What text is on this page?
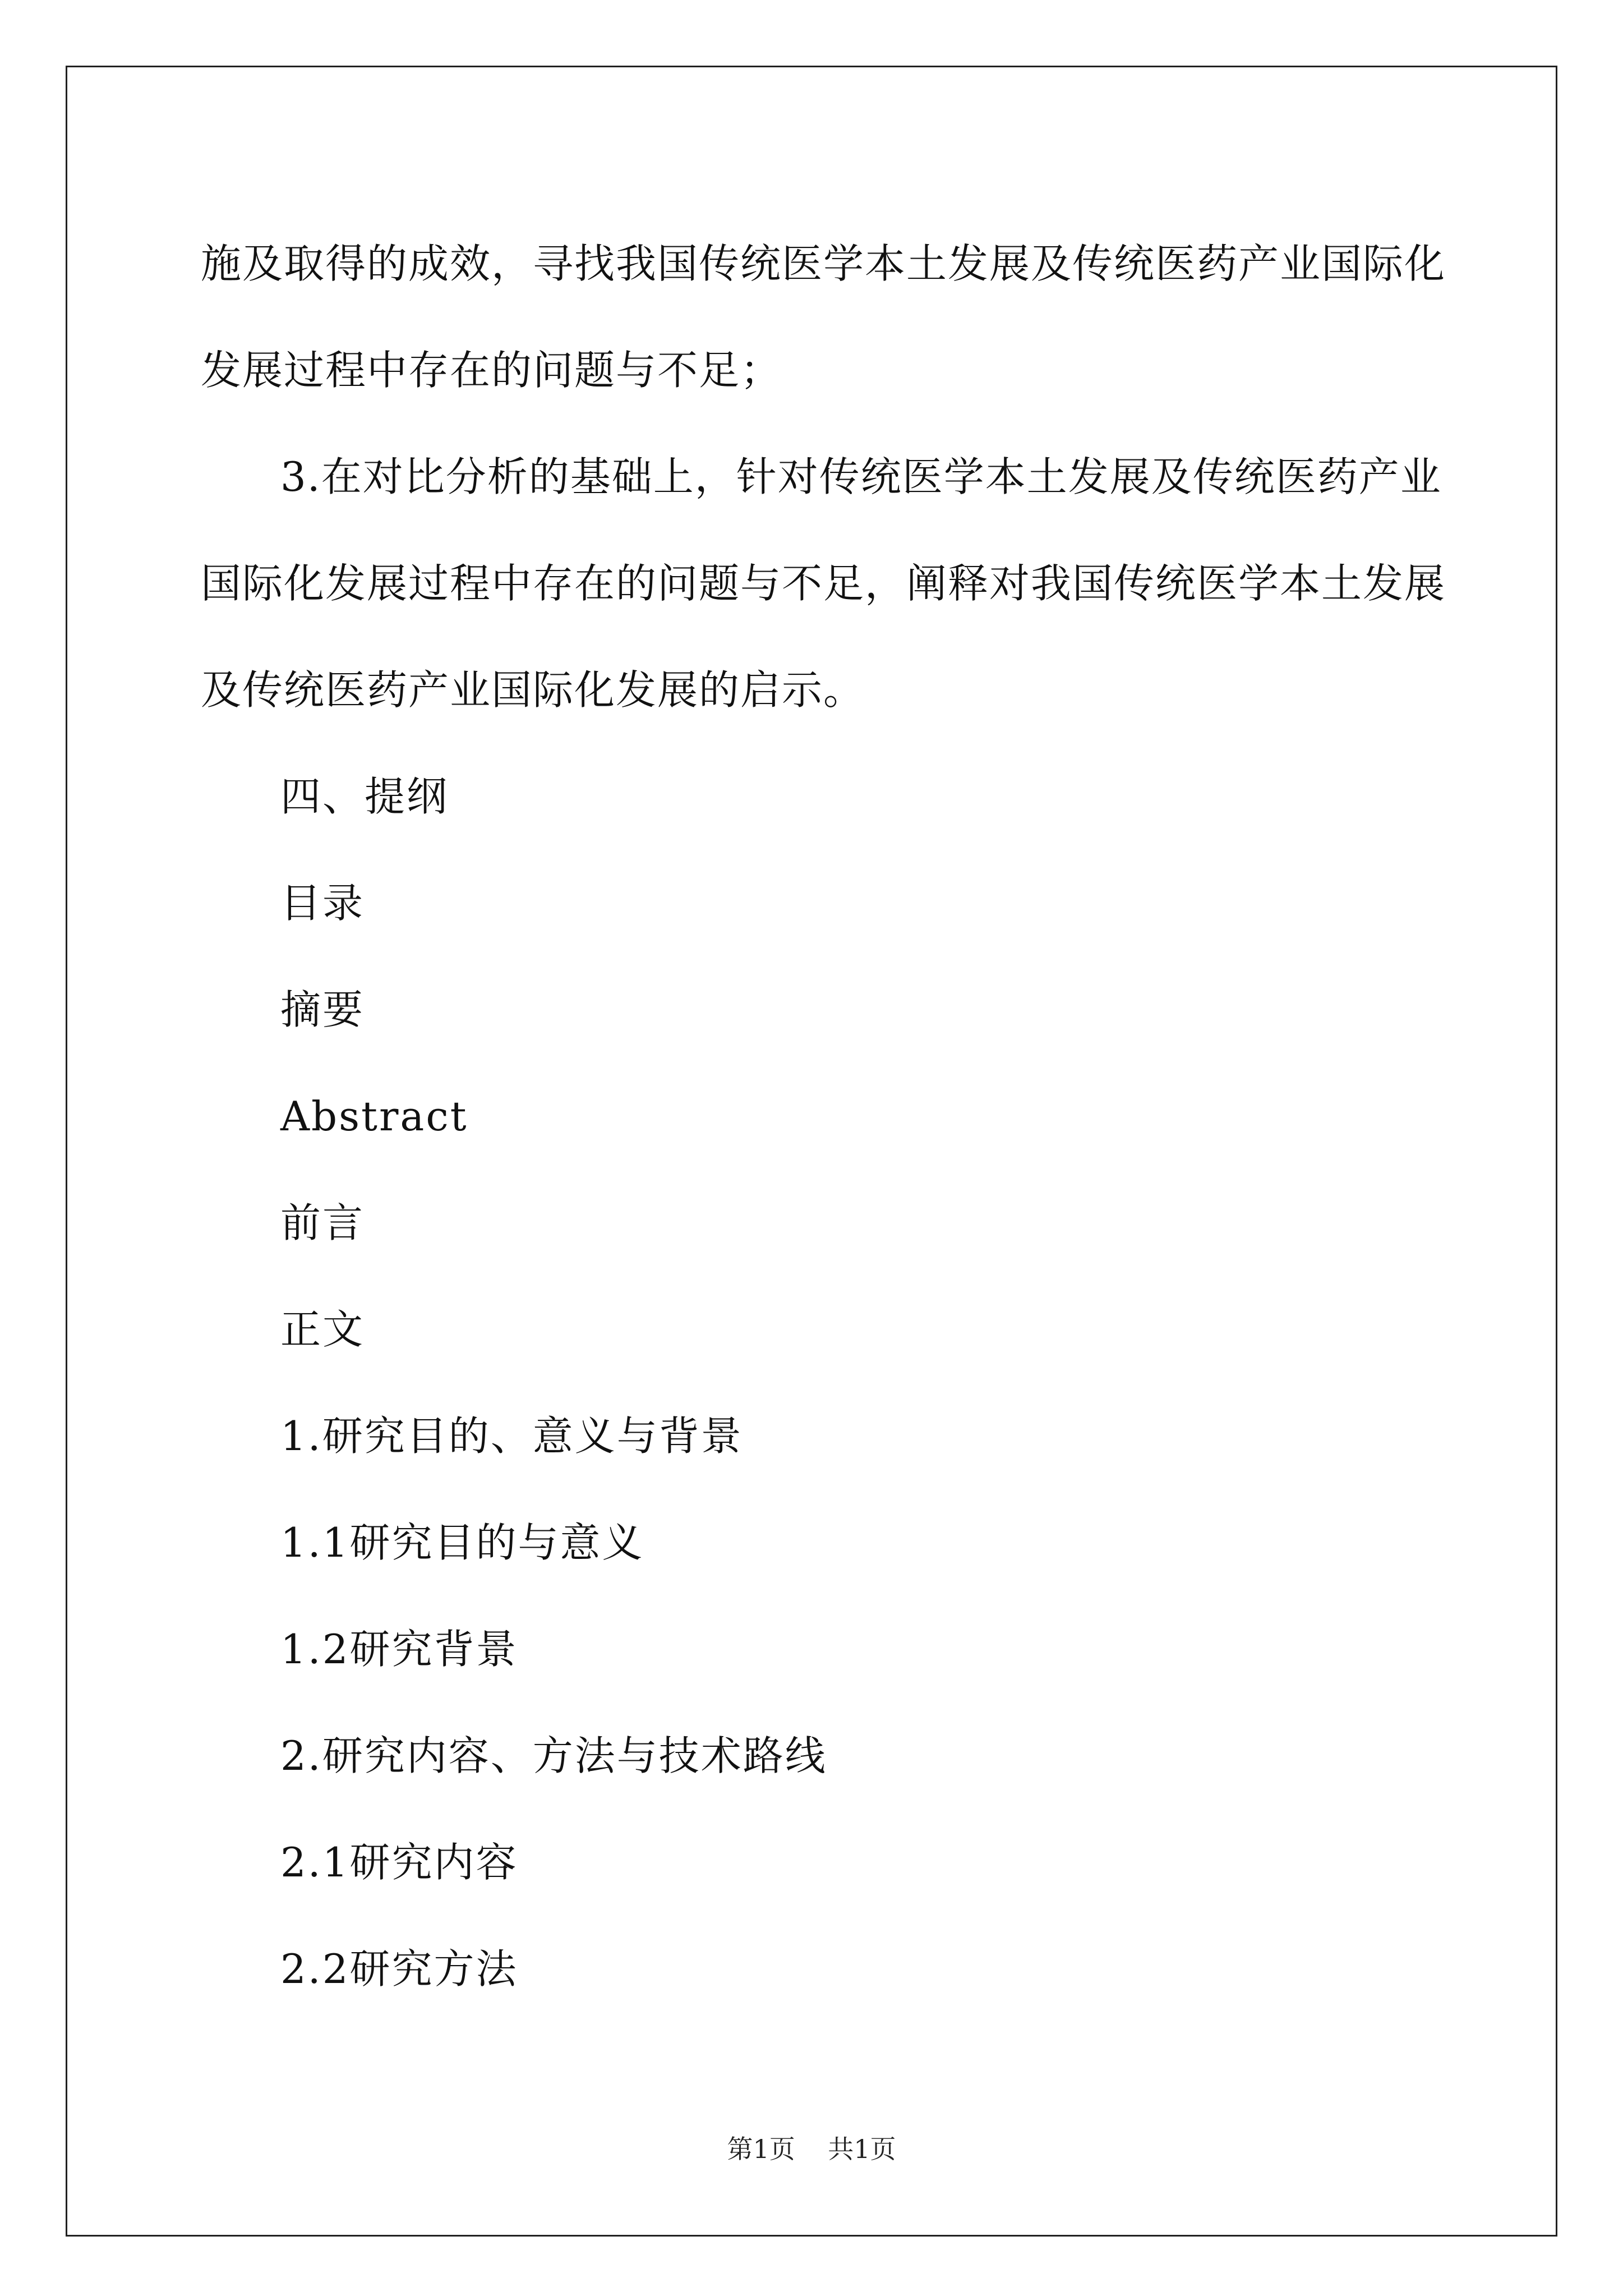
施及取得的成效，寻找我国传统医学本土发展及传统医药产业国际化
发展过程中存在的问题与不足；

3.在对比分析的基础上，针对传统医学本土发展及传统医药产业
国际化发展过程中存在的问题与不足，阐释对我国传统医学本土发展
及传统医药产业国际化发展的启示。

四、提纲
目录
摘要
Abstract
前言
正文
1.研究目的、意义与背景
1.1研究目的与意义
1.2研究背景
2.研究内容、方法与技术路线
2.1研究内容
2.2研究方法
第1页 共1页
